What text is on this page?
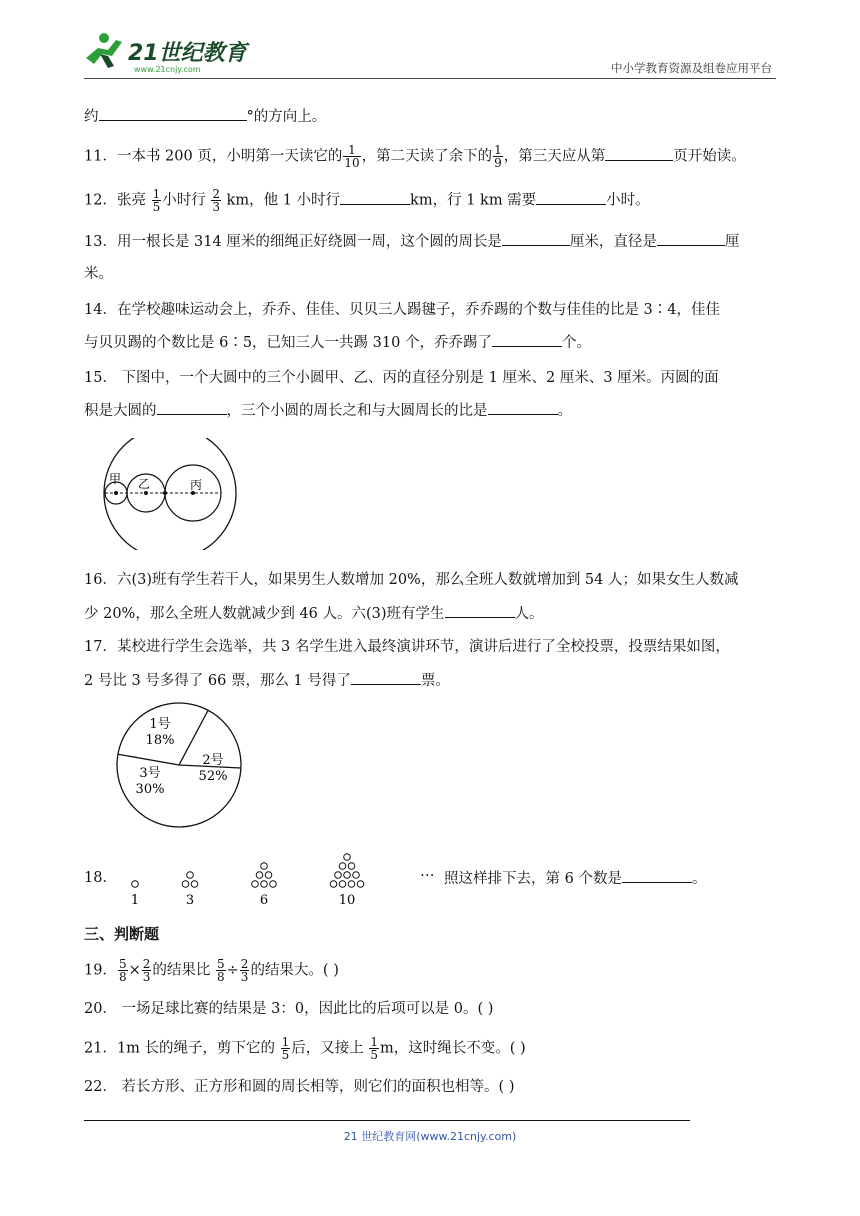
21世纪教育
www.21cnjy.com	中小学教育资源及组卷应用平台
约	°的方向上。
11．一本书 200 页，小明第一天读它的 $\frac{1}{10}$ ，第二天读了余下的 $\frac{1}{9}$ ，第三天应从第	页开始读。
12．张亮 $\frac{1}{5}$ 小时行 $\frac{2}{3}$ km，他 1 小时行	km，行 1 km 需要	小时。
13．用一根长是 314 厘米的细绳正好绕圆一周，这个圆的周长是	厘米，直径是	厘
米。
14．在学校趣味运动会上，乔乔、佳佳、贝贝三人踢毽子，乔乔踢的个数与佳佳的比是 3∶4，佳佳
与贝贝踢的个数比是 6∶5，已知三人一共踢 310 个，乔乔踢了	个。
15． 下图中，一个大圆中的三个小圆甲、乙、丙的直径分别是 1 厘米、2 厘米、3 厘米。丙圆的面
积是大圆的	，三个小圆的周长之和与大圆周长的比是	。
甲 乙	丙
16．六(3)班有学生若干人，如果男生人数增加 20%，那么全班人数就增加到 54 人；如果女生人数减
少 20%，那么全班人数就减少到 46 人。六(3)班有学生	人。
17．某校进行学生会选举，共 3 名学生进入最终演讲环节，演讲后进行了全校投票，投票结果如图，
2 号比 3 号多得了 66 票，那么 1 号得了	票。
1号
18%
2号
52%
3号
30%
18．
1	3	6	10
… 照这样排下去，第 6 个数是	。
三、判断题
19． $\frac{5}{8} \times \frac{2}{3}$ 的结果比 $\frac{5}{8} \div \frac{2}{3}$ 的结果大。( )
20． 一场足球比赛的结果是 3：0，因此比的后项可以是 0。( )
21．1m 长的绳子，剪下它的 $\frac{1}{5}$ 后，又接上 $\frac{1}{5}$ m，这时绳长不变。( )
22． 若长方形、正方形和圆的周长相等，则它们的面积也相等。( )
21 世纪教育网(www.21cnjy.com)
